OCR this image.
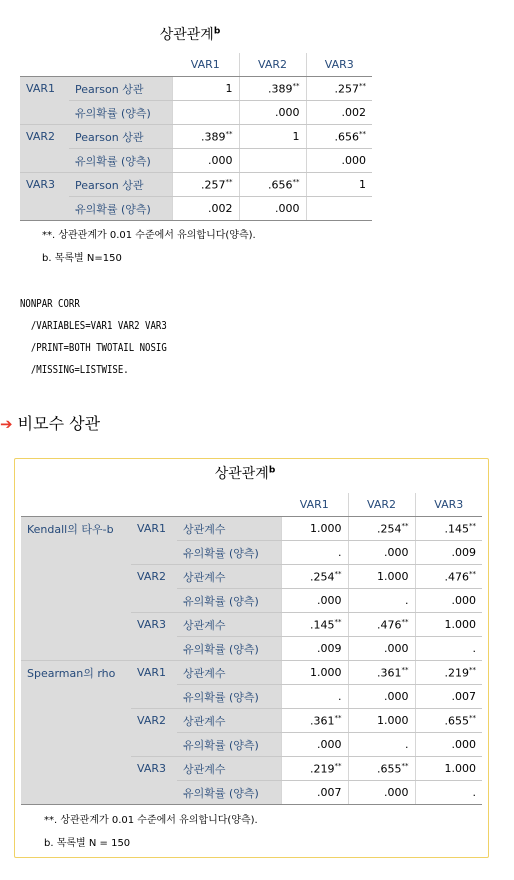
상관관계$^b$
		VAR1	VAR2	VAR3
VAR1	Pearson 상관	1	.389**	.257**
	유의확률 (양측)		.000	.002
VAR2	Pearson 상관	.389**	1	.656**
	유의확률 (양측)	.000		.000
VAR3	Pearson 상관	.257**	.656**	1
	유의확률 (양측)	.002	.000	
**. 상관관계가 0.01 수준에서 유의합니다(양측).
b. 목록별 N=150
NONPAR CORR
/VARIABLES=VAR1 VAR2 VAR3
/PRINT=BOTH TWOTAIL NOSIG
/MISSING=LISTWISE.
➔ 비모수 상관
상관관계$^b$
			VAR1	VAR2	VAR3
Kendall의 타우-b	VAR1	상관계수	1.000	.254**	.145**
		유의확률 (양측)	.	.000	.009
	VAR2	상관계수	.254**	1.000	.476**
		유의확률 (양측)	.000	.	.000
	VAR3	상관계수	.145**	.476**	1.000
		유의확률 (양측)	.009	.000	.
Spearman의 rho	VAR1	상관계수	1.000	.361**	.219**
		유의확률 (양측)	.	.000	.007
	VAR2	상관계수	.361**	1.000	.655**
		유의확률 (양측)	.000	.	.000
	VAR3	상관계수	.219**	.655**	1.000
		유의확률 (양측)	.007	.000	.
**. 상관관계가 0.01 수준에서 유의합니다(양측).
b. 목록별 N = 150
